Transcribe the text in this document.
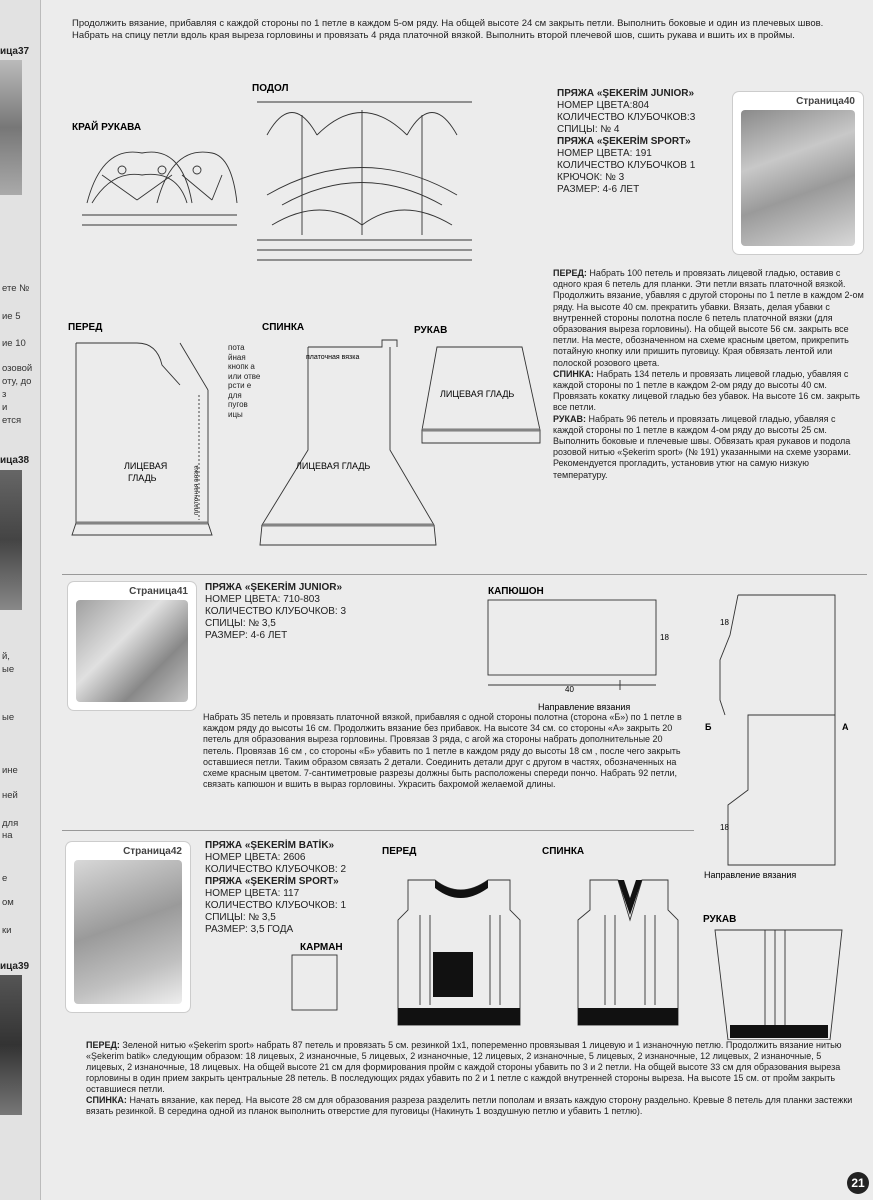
ица37
ете №
ие 5
ие 10
озовой
оту, до
з
и
ется
ица38
й,
ые
ые
ине
ней
для
на
е
ом
ки
ица39
Продолжить вязание, прибавляя с каждой стороны по 1 петле в каждом 5-ом ряду. На общей высоте 24 см закрыть петли. Выполнить боковые и один из плечевых швов. Набрать на спицу петли вдоль края выреза горловины и провязать 4 ряда платочной вязкой. Выполнить второй плечевой шов, сшить рукава и вшить их в проймы.
КРАЙ РУКАВА
ПОДОЛ
ПЕРЕД	СПИНКА	РУКАВ
ЛИЦЕВАЯ
ГЛАДЬ
ЛИЦЕВАЯ ГЛАДЬ
ЛИЦЕВАЯ ГЛАДЬ
платочная вязка
платочная вязка
пота йная кнопк а или отве рсти е для пугов ицы
ПРЯЖА «ŞEKERİM JUNIOR»
НОМЕР ЦВЕТА:804
КОЛИЧЕСТВО КЛУБОЧКОВ:3
СПИЦЫ: № 4
ПРЯЖА «ŞEKERİM SPORT»
НОМЕР ЦВЕТА: 191
КОЛИЧЕСТВО КЛУБОЧКОВ 1
КРЮЧОК: № 3
РАЗМЕР: 4-6 ЛЕТ
Страница40

ПЕРЕД: Набрать 100 петель и провязать лицевой гладью, оставив с одного края 6 петель для планки. Эти петли вязать платочной вязкой. Продолжить вязание, убавляя с другой стороны по 1 петле в каждом 2-ом ряду. На высоте 40 см. прекратить убавки. Вязать, делая убавки с внутренней стороны полотна после 6 петель платочной вязки (для образования выреза горловины). На общей высоте 56 см. закрыть все петли. На месте, обозначенном на схеме красным цветом, прикрепить потайную кнопку или пришить пуговицу. Края обвязать лентой или полоской розового цвета.

СПИНКА: Набрать 134 петель и провязать лицевой гладью, убавляя с каждой стороны по 1 петле в каждом 2-ом ряду до высоты 40 см. Провязать кокатку лицевой гладью без убавок. На высоте 16 см. закрыть все петли.

РУКАВ: Набрать 96 петель и провязать лицевой гладью, убавляя с каждой стороны по 1 петле в каждом 4-ом ряду до высоты 25 см. Выполнить боковые и плечевые швы. Обвязать края рукавов и подола розовой нитью «Şekerim sport» (№ 191) указанными на схеме узорами. Рекомендуется прогладить, установив утюг на самую низкую температуру.

Страница41 ПРЯЖА «ŞEKERİM JUNIOR»
НОМЕР ЦВЕТА: 710-803
КОЛИЧЕСТВО КЛУБОЧКОВ: 3
СПИЦЫ: № 3,5
РАЗМЕР: 4-6 ЛЕТ
КАПЮШОН
18
40
Направление вязания
Направление вязания
Б	А
18
18
Набрать 35 петель и провязать платочной вязкой, прибавляя с одной стороны полотна (сторона «Б») по 1 петле в каждом ряду до высоты 16 см. Продолжить вязание без прибавок. На высоте 34 см. со стороны «А» закрыть 20 петель для образования выреза горловины. Провязав 3 ряда, с агой жа стороны набрать дополнительные 20 петель. Провязав 16 см , со стороны «Б» убавить по 1 петле в каждом ряду до высоты 18 см , после чего закрыть оставшиеся петли. Таким образом связать 2 детали. Соединить детали друг с другом в частях, обозначенных на схеме красным цветом. 7-сантиметровые разрезы должны быть расположены спереди пончо. Набрать 92 петли, связать капюшон и вшить в выраз горловины. Украсить бахромой желаемой длины.
Страница42
ПРЯЖА «ŞEKERİM BATİK»
НОМЕР ЦВЕТА: 2606
КОЛИЧЕСТВО КЛУБОЧКОВ: 2
ПРЯЖА «ŞEKERİM SPORT»
НОМЕР ЦВЕТА: 117
КОЛИЧЕСТВО КЛУБОЧКОВ: 1
СПИЦЫ: № 3,5
РАЗМЕР: 3,5 ГОДА
КАРМАН
ПЕРЕД	СПИНКА
РУКАВ

ПЕРЕД: Зеленой нитью «Şekerim sport» набрать 87 петель и провязать 5 см. резинкой 1х1, попеременно провязывая 1 лицевую и 1 изнаночную петлю. Продолжить вязание нитью «Şekerim batik» следующим образом: 18 лицевых, 2 изнаночные, 5 лицевых, 2 изнаночные, 12 лицевых, 2 изнаночные, 5 лицевых, 2 изнаночные, 12 лицевых, 2 изнаночные, 5 лицевых, 2 изнаночные, 18 лицевых. На общей высоте 21 см для формирования пройм с каждой стороны убавить по 3 и 2 петли. На общей высоте 33 см для образования выреза горловины в один прием закрыть центральные 28 петель. В последующих рядах убавить по 2 и 1 петле с каждой внутренней стороны выреза. На высоте 15 см. от пройм закрыть оставшиеся петли.

СПИНКА: Начать вязание, как перед. На высоте 28 см для образования разреза разделить петли пополам и вязать каждую сторону раздельно. Кревые 8 петель для планки застежки вязать резинкой. В середина одной из планок выполнить отверстие для пуговицы (Накинуть 1 воздушную петлю и убавить 1 петлю).

21
